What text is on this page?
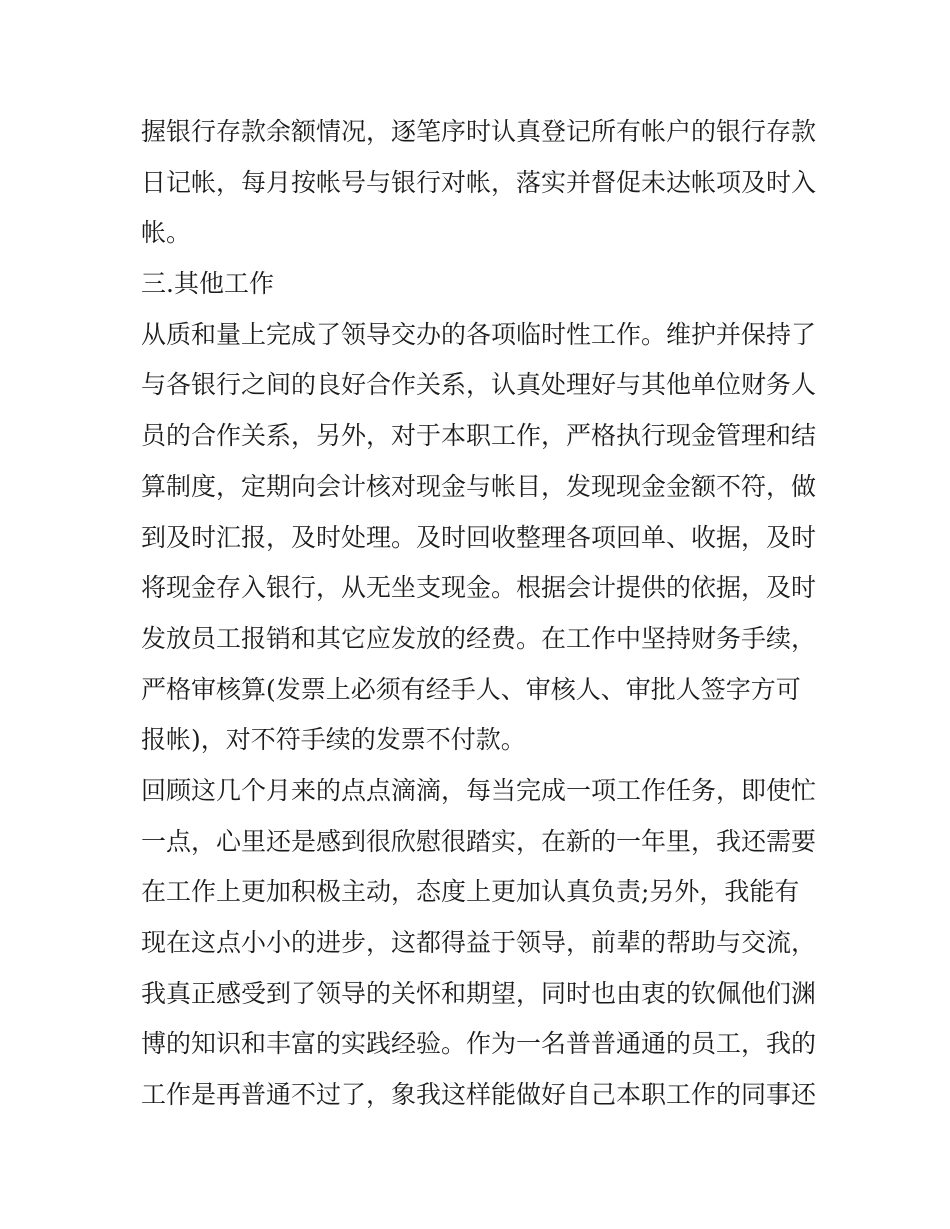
握银行存款余额情况，逐笔序时认真登记所有帐户的银行存款
日记帐，每月按帐号与银行对帐，落实并督促未达帐项及时入
帐。
三.其他工作
从质和量上完成了领导交办的各项临时性工作。维护并保持了
与各银行之间的良好合作关系，认真处理好与其他单位财务人
员的合作关系，另外，对于本职工作，严格执行现金管理和结
算制度，定期向会计核对现金与帐目，发现现金金额不符，做
到及时汇报，及时处理。及时回收整理各项回单、收据，及时
将现金存入银行，从无坐支现金。根据会计提供的依据，及时
发放员工报销和其它应发放的经费。在工作中坚持财务手续，
严格审核算(发票上必须有经手人、审核人、审批人签字方可
报帐)，对不符手续的发票不付款。
回顾这几个月来的点点滴滴，每当完成一项工作任务，即使忙
一点，心里还是感到很欣慰很踏实，在新的一年里，我还需要
在工作上更加积极主动，态度上更加认真负责;另外，我能有
现在这点小小的进步，这都得益于领导，前辈的帮助与交流，
我真正感受到了领导的关怀和期望，同时也由衷的钦佩他们渊
博的知识和丰富的实践经验。作为一名普普通通的员工，我的
工作是再普通不过了，象我这样能做好自己本职工作的同事还
